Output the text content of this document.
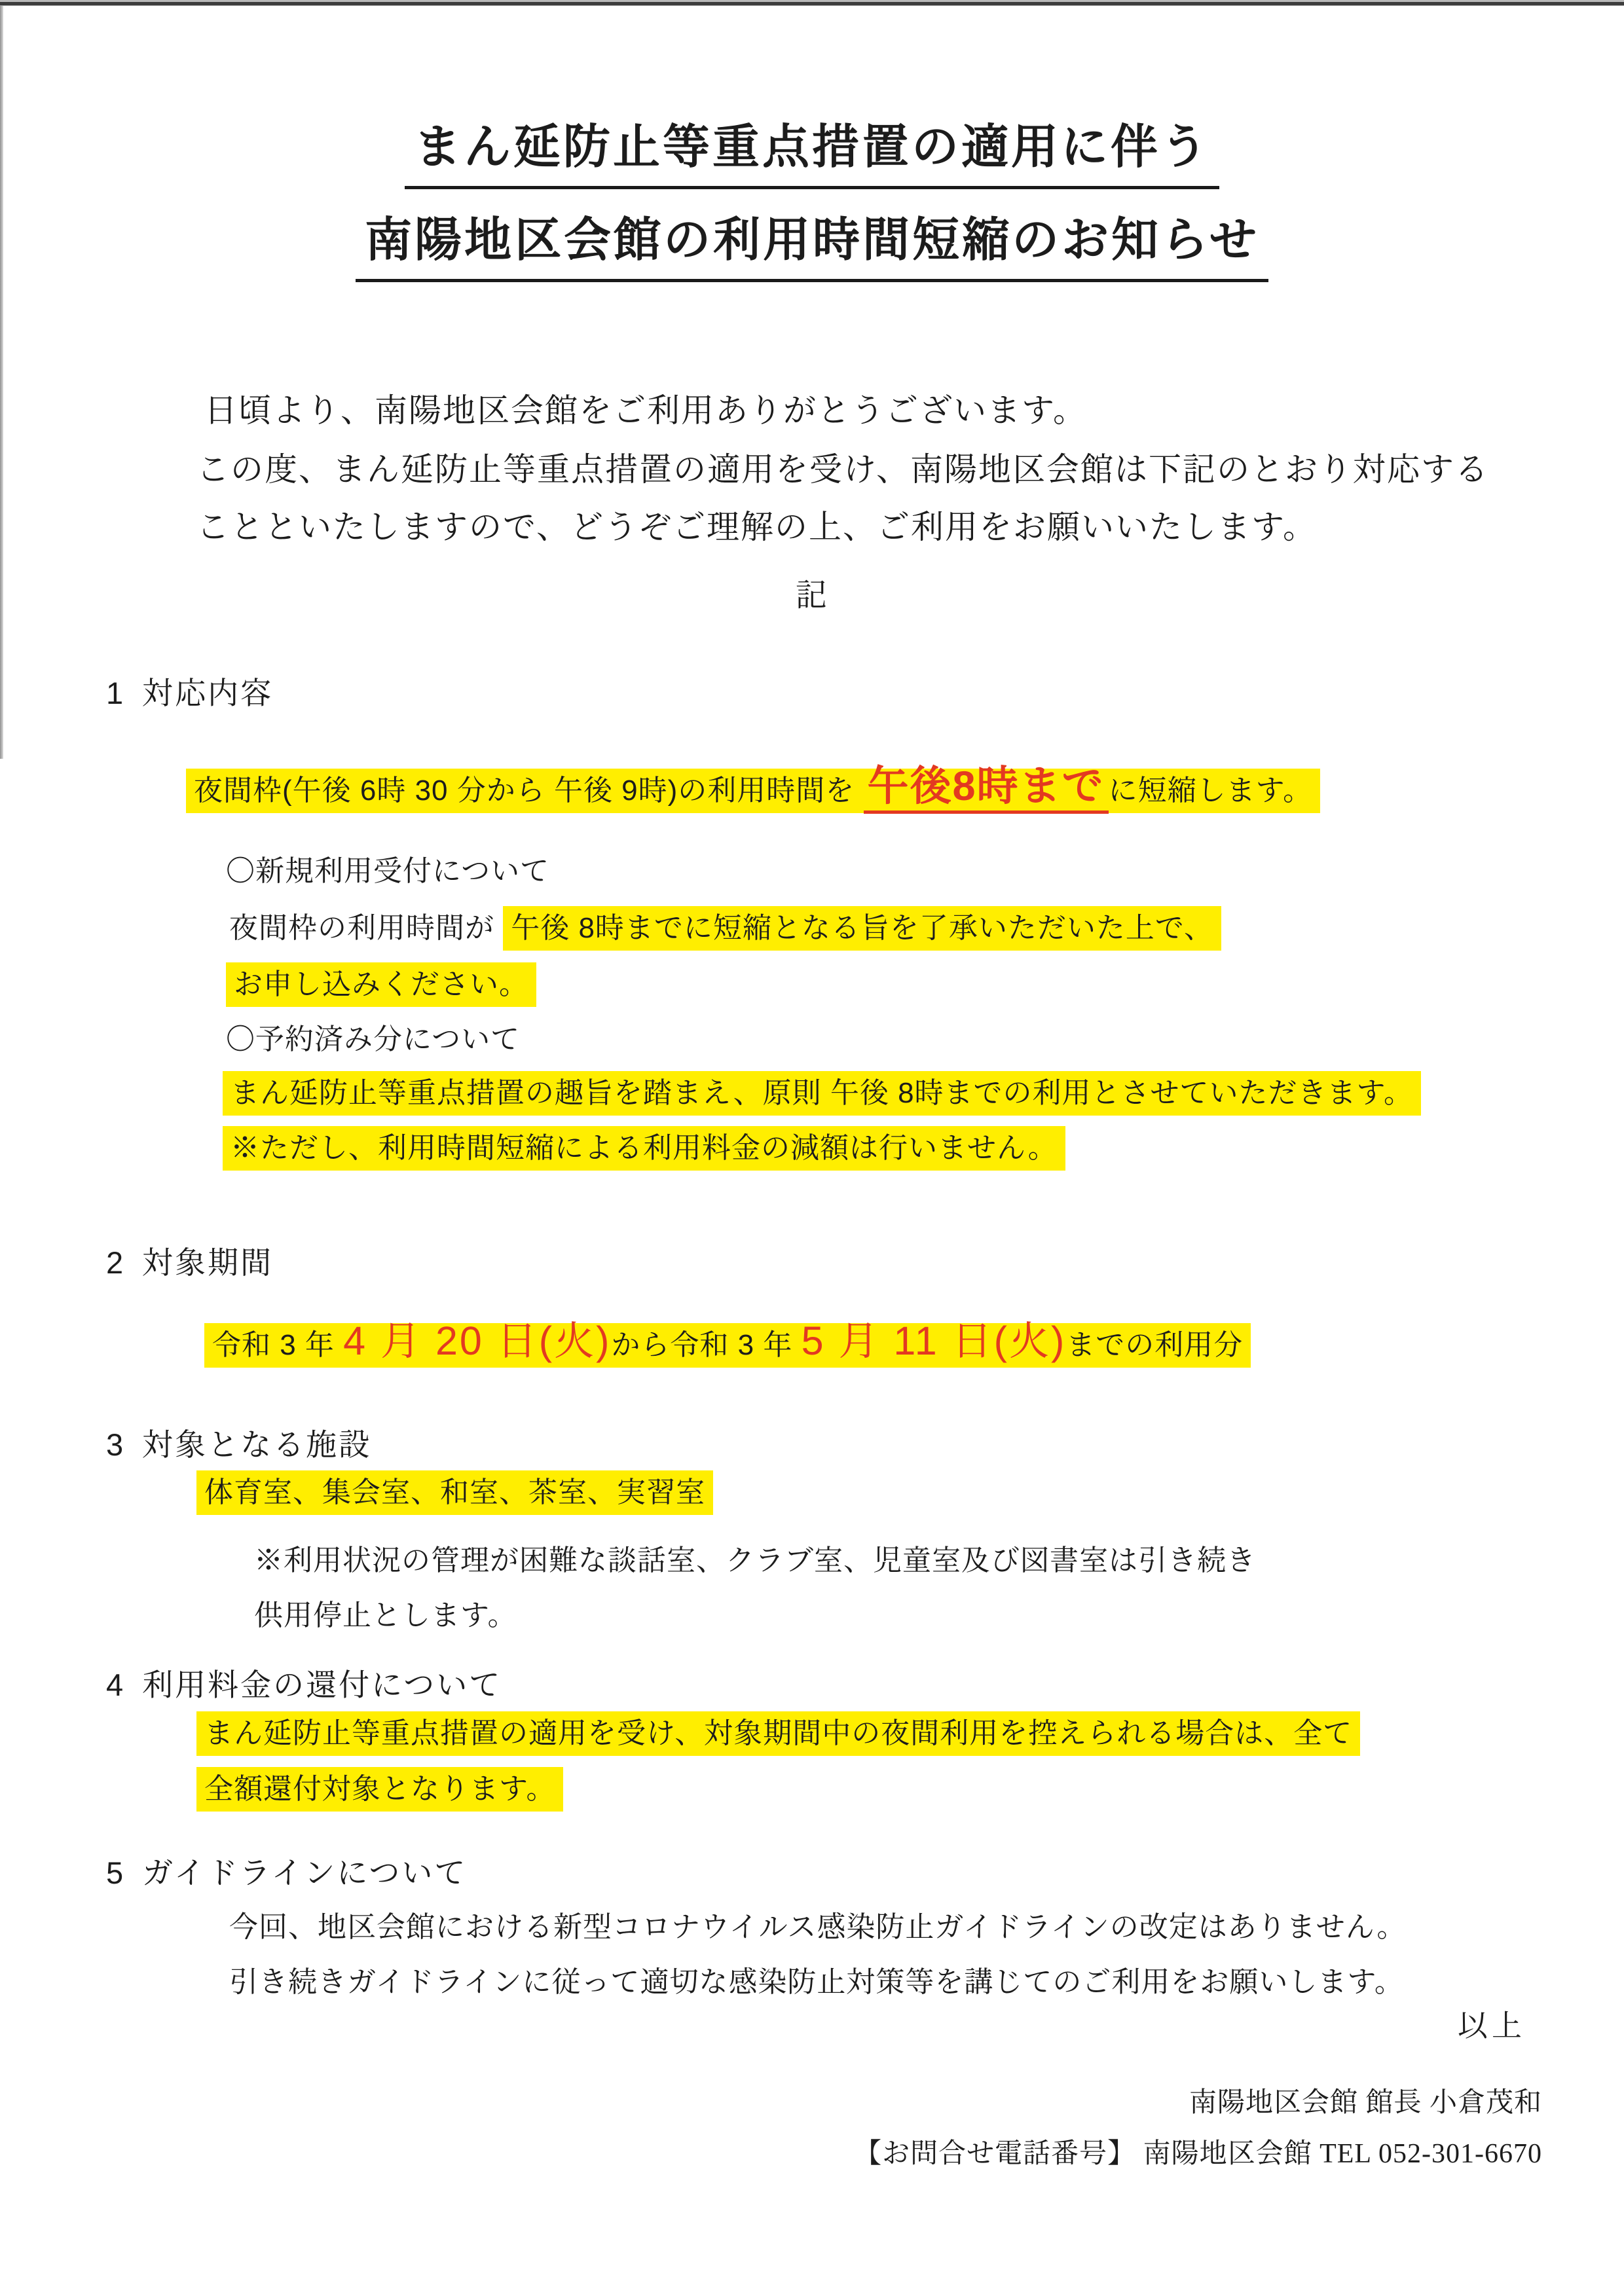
まん延防止等重点措置の適用に伴う
南陽地区会館の利用時間短縮のお知らせ
日頃より、南陽地区会館をご利用ありがとうございます。
この度、まん延防止等重点措置の適用を受け、南陽地区会館は下記のとおり対応する
ことといたしますので、どうぞご理解の上、ご利用をお願いいたします。
記
1 対応内容
夜間枠(午後 6時 30 分から 午後 9時)の利用時間を 午後8時まで に短縮します。
〇新規利用受付について
夜間枠の利用時間が 午後 8時までに短縮となる旨を了承いただいた上で、
お申し込みください。
〇予約済み分について
まん延防止等重点措置の趣旨を踏まえ、原則 午後 8時までの利用とさせていただきます。
※ただし、利用時間短縮による利用料金の減額は行いません。
2 対象期間
令和 3 年 4 月 20 日(火)から令和 3 年 5 月 11 日(火)までの利用分
3 対象となる施設
体育室、集会室、和室、茶室、実習室
※利用状況の管理が困難な談話室、クラブ室、児童室及び図書室は引き続き
供用停止とします。
4 利用料金の還付について
まん延防止等重点措置の適用を受け、対象期間中の夜間利用を控えられる場合は、全て
全額還付対象となります。
5 ガイドラインについて
今回、地区会館における新型コロナウイルス感染防止ガイドラインの改定はありません。
引き続きガイドラインに従って適切な感染防止対策等を講じてのご利用をお願いします。
以上
南陽地区会館 館長 小倉茂和
【お問合せ電話番号】 南陽地区会館 TEL 052-301-6670
